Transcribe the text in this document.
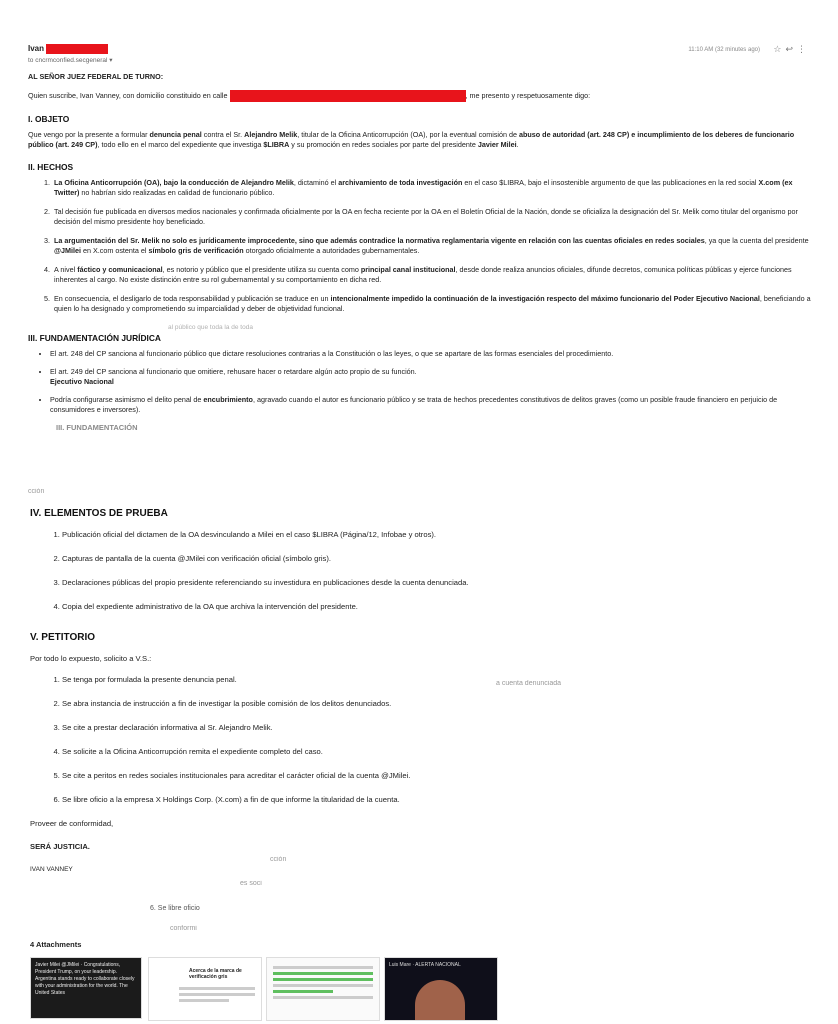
Ivan
to cncrmconfied.secgeneral ▾
11:10 AM (32 minutes ago) ☆↩⋮
AL SEÑOR JUEZ FEDERAL DE TURNO:
Quien suscribe, Ivan Vanney, con domicilio constituido en calle	, me presento y respetuosamente digo:
I. OBJETO
Que vengo por la presente a formular denuncia penal contra el Sr. Alejandro Melik, titular de la Oficina Anticorrupción (OA), por la eventual comisión de abuso de autoridad (art. 248 CP) e incumplimiento de los deberes de funcionario público (art. 249 CP), todo ello en el marco del expediente que investiga $LIBRA y su promoción en redes sociales por parte del presidente Javier Milei.
II. HECHOS
1. La Oficina Anticorrupción (OA), bajo la conducción de Alejandro Melik, dictaminó el archivamiento de toda investigación en el caso $LIBRA, bajo el insostenible argumento de que las publicaciones en la red social X.com (ex Twitter) no habrían sido realizadas en calidad de funcionario público.
2. Tal decisión fue publicada en diversos medios nacionales y confirmada oficialmente por la OA en fecha reciente por la OA en el Boletín Oficial de la Nación, donde se oficializa la designación del Sr. Melik como titular del organismo por decisión del mismo presidente hoy beneficiado.
3. La argumentación del Sr. Melik no solo es jurídicamente improcedente, sino que además contradice la normativa reglamentaria vigente en relación con las cuentas oficiales en redes sociales, ya que la cuenta del presidente @JMilei en X.com ostenta el símbolo gris de verificación otorgado oficialmente a autoridades gubernamentales.
4. A nivel fáctico y comunicacional, es notorio y público que el presidente utiliza su cuenta como principal canal institucional, desde donde realiza anuncios oficiales, difunde decretos, comunica políticas públicas y ejerce funciones inherentes al cargo. No existe distinción entre su rol gubernamental y su comportamiento en dicha red.
5. En consecuencia, el desligarlo de toda responsabilidad y publicación se traduce en un intencionalmente impedido la continuación de la investigación respecto del máximo funcionario del Poder Ejecutivo Nacional, beneficiando a quien lo ha designado y comprometiendo su imparcialidad y deber de objetividad funcional.
al público que toda la de toda
III. FUNDAMENTACIÓN JURÍDICA
• El art. 248 del CP sanciona al funcionario público que dictare resoluciones contrarias a la Constitución o las leyes, o que se apartare de las formas esenciales del procedimiento.
• El art. 249 del CP sanciona al funcionario que omitiere, rehusare hacer o retardare algún acto propio de su función.
Ejecutivo Nacional
• Podría configurarse asimismo el delito penal de encubrimiento, agravado cuando el autor es funcionario público y se trata de hechos precedentes constitutivos de delitos graves (como un posible fraude financiero en perjuicio de consumidores e inversores).
III. FUNDAMENTACIÓN
cción
IV. ELEMENTOS DE PRUEBA
1. Publicación oficial del dictamen de la OA desvinculando a Milei en el caso $LIBRA (Página/12, Infobae y otros).
2. Capturas de pantalla de la cuenta @JMilei con verificación oficial (símbolo gris).
3. Declaraciones públicas del propio presidente referenciando su investidura en publicaciones desde la cuenta denunciada.
4. Copia del expediente administrativo de la OA que archiva la intervención del presidente.
V. PETITORIO
Por todo lo expuesto, solicito a V.S.:
1. Se tenga por formulada la presente denuncia penal.
2. Se abra instancia de instrucción a fin de investigar la posible comisión de los delitos denunciados.
3. Se cite a prestar declaración informativa al Sr. Alejandro Melik.
4. Se solicite a la Oficina Anticorrupción remita el expediente completo del caso.
5. Se cite a peritos en redes sociales institucionales para acreditar el carácter oficial de la cuenta @JMilei.
6. Se libre oficio a la empresa X Holdings Corp. (X.com) a fin de que informe la titularidad de la cuenta.
Proveer de conformidad,
SERÁ JUSTICIA.
IVAN VANNEY
a cuenta denunciada
cción
es soci
6. Se libre oficio
conformi
4 Attachments
Javier Milei @JMilei · Congratulations, President Trump, on your leadership. Argentina stands ready to collaborate closely with your administration for the world. The United States
Acerca de la marca de verificación gris
Luis Mare · ALERTA NACIONAL
